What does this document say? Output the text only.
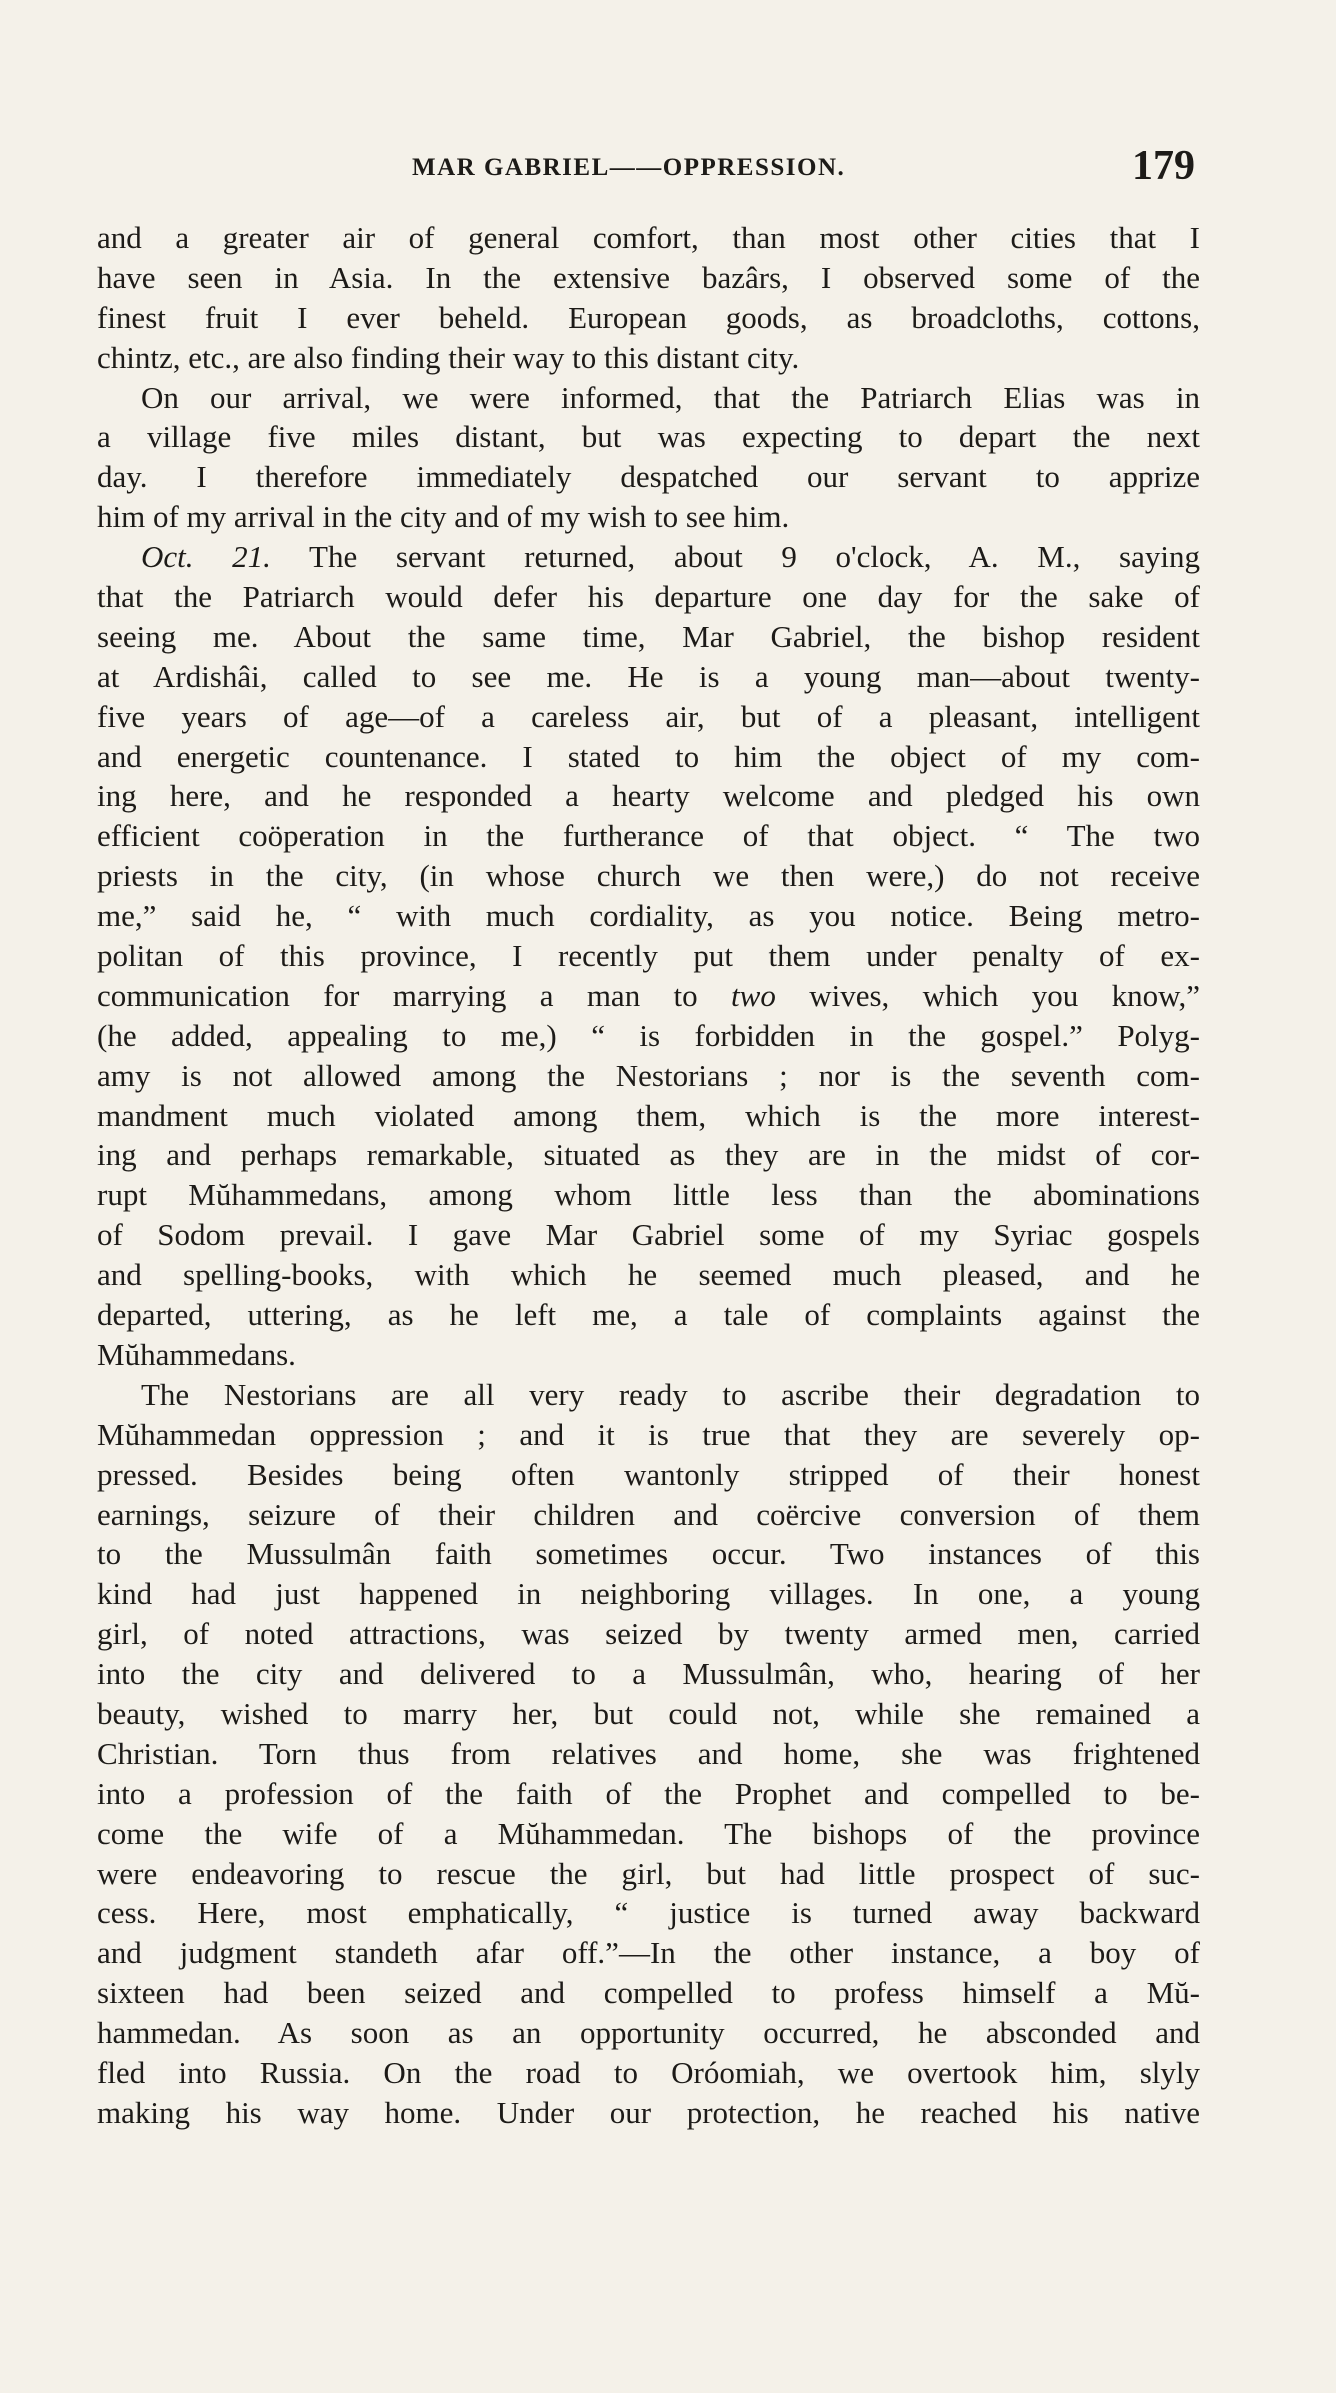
MAR GABRIEL——OPPRESSION.	179
and a greater air of general comfort, than most other cities that I
have seen in Asia. In the extensive bazârs, I observed some of the
finest fruit I ever beheld. European goods, as broadcloths, cottons,
chintz, etc., are also finding their way to this distant city.
On our arrival, we were informed, that the Patriarch Elias was in
a village five miles distant, but was expecting to depart the next
day. I therefore immediately despatched our servant to apprize
him of my arrival in the city and of my wish to see him.
Oct. 21. The servant returned, about 9 o'clock, A. M., saying
that the Patriarch would defer his departure one day for the sake of
seeing me. About the same time, Mar Gabriel, the bishop resident
at Ardishâi, called to see me. He is a young man—about twenty-
five years of age—of a careless air, but of a pleasant, intelligent
and energetic countenance. I stated to him the object of my com-
ing here, and he responded a hearty welcome and pledged his own
efficient coöperation in the furtherance of that object. “ The two
priests in the city, (in whose church we then were,) do not receive
me,” said he, “ with much cordiality, as you notice. Being metro-
politan of this province, I recently put them under penalty of ex-
communication for marrying a man to two wives, which you know,”
(he added, appealing to me,) “ is forbidden in the gospel.” Polyg-
amy is not allowed among the Nestorians ; nor is the seventh com-
mandment much violated among them, which is the more interest-
ing and perhaps remarkable, situated as they are in the midst of cor-
rupt Mŭhammedans, among whom little less than the abominations
of Sodom prevail. I gave Mar Gabriel some of my Syriac gospels
and spelling-books, with which he seemed much pleased, and he
departed, uttering, as he left me, a tale of complaints against the
Mŭhammedans.
The Nestorians are all very ready to ascribe their degradation to
Mŭhammedan oppression ; and it is true that they are severely op-
pressed. Besides being often wantonly stripped of their honest
earnings, seizure of their children and coërcive conversion of them
to the Mussulmân faith sometimes occur. Two instances of this
kind had just happened in neighboring villages. In one, a young
girl, of noted attractions, was seized by twenty armed men, carried
into the city and delivered to a Mussulmân, who, hearing of her
beauty, wished to marry her, but could not, while she remained a
Christian. Torn thus from relatives and home, she was frightened
into a profession of the faith of the Prophet and compelled to be-
come the wife of a Mŭhammedan. The bishops of the province
were endeavoring to rescue the girl, but had little prospect of suc-
cess. Here, most emphatically, “ justice is turned away backward
and judgment standeth afar off.”—In the other instance, a boy of
sixteen had been seized and compelled to profess himself a Mŭ-
hammedan. As soon as an opportunity occurred, he absconded and
fled into Russia. On the road to Oróomiah, we overtook him, slyly
making his way home. Under our protection, he reached his native
